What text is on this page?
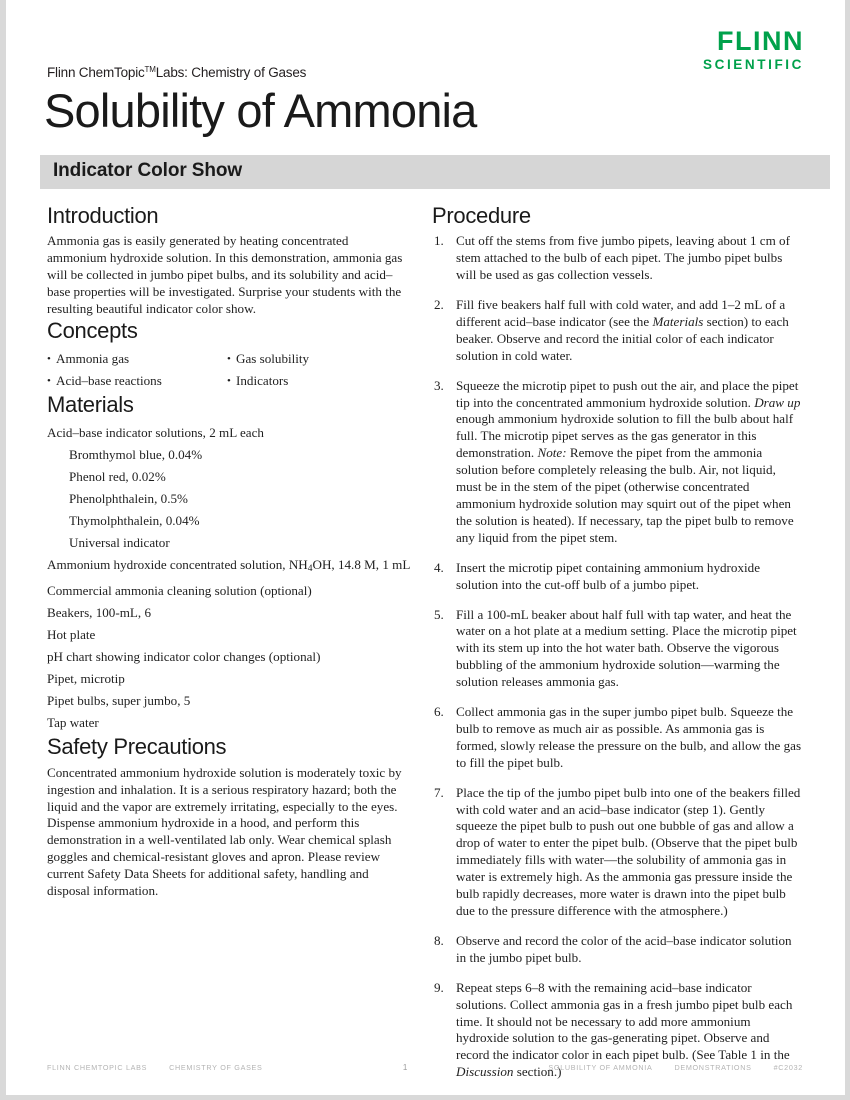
FLINN
SCIENTIFIC
Flinn ChemTopic™Labs: Chemistry of Gases
Solubility of Ammonia
Indicator Color Show
Introduction

Ammonia gas is easily generated by heating concentrated ammonium hydroxide solution. In this demonstration, ammonia gas will be collected in jumbo pipet bulbs, and its solubility and acid–base properties will be investigated. Surprise your students with the resulting beautiful indicator color show.

Concepts
• Ammonia gas
• Acid–base reactions
• Gas solubility
• Indicators
Materials
Acid–base indicator solutions, 2 mL each
Bromthymol blue, 0.04%
Phenol red, 0.02%
Phenolphthalein, 0.5%
Thymolphthalein, 0.04%
Universal indicator
Ammonium hydroxide concentrated solution, $NH_4OH$, 14.8 M, 1 mL
Commercial ammonia cleaning solution (optional)
Beakers, 100-mL, 6
Hot plate
pH chart showing indicator color changes (optional)
Pipet, microtip
Pipet bulbs, super jumbo, 5
Tap water
Safety Precautions

Concentrated ammonium hydroxide solution is moderately toxic by ingestion and inhalation. It is a serious respiratory hazard; both the liquid and the vapor are extremely irritating, especially to the eyes. Dispense ammonium hydroxide in a hood, and perform this demonstration in a well-ventilated lab only. Wear chemical splash goggles and chemical-resistant gloves and apron. Please review current Safety Data Sheets for additional safety, handling and disposal information.

Procedure
Cut off the stems from five jumbo pipets, leaving about 1 cm of stem attached to the bulb of each pipet. The jumbo pipet bulbs will be used as gas collection vessels.
Fill five beakers half full with cold water, and add 1–2 mL of a different acid–base indicator (see the Materials section) to each beaker. Observe and record the initial color of each indicator solution in cold water.
Squeeze the microtip pipet to push out the air, and place the pipet tip into the concentrated ammonium hydroxide solution. Draw up enough ammonium hydroxide solution to fill the bulb about half full. The microtip pipet serves as the gas generator in this demonstration. Note: Remove the pipet from the ammonia solution before completely releasing the bulb. Air, not liquid, must be in the stem of the pipet (otherwise concentrated ammonium hydroxide solution may squirt out of the pipet when the solution is heated). If necessary, tap the pipet bulb to remove any liquid from the pipet stem.
Insert the microtip pipet containing ammonium hydroxide solution into the cut-off bulb of a jumbo pipet.
Fill a 100-mL beaker about half full with tap water, and heat the water on a hot plate at a medium setting. Place the microtip pipet with its stem up into the hot water bath. Observe the vigorous bubbling of the ammonium hydroxide solution—warming the solution releases ammonia gas.
Collect ammonia gas in the super jumbo pipet bulb. Squeeze the bulb to remove as much air as possible. As ammonia gas is formed, slowly release the pressure on the bulb, and allow the gas to fill the pipet bulb.
Place the tip of the jumbo pipet bulb into one of the beakers filled with cold water and an acid–base indicator (step 1). Gently squeeze the pipet bulb to push out one bubble of gas and allow a drop of water to enter the pipet bulb. (Observe that the pipet bulb immediately fills with water—the solubility of ammonia gas in water is extremely high. As the ammonia gas pressure inside the bulb rapidly decreases, more water is drawn into the pipet bulb due to the pressure difference with the atmosphere.)
Observe and record the color of the acid–base indicator solution in the jumbo pipet bulb.
Repeat steps 6–8 with the remaining acid–base indicator solutions. Collect ammonia gas in a fresh jumbo pipet bulb each time. It should not be necessary to add more ammonium hydroxide solution to the gas-generating pipet. Observe and record the indicator color in each pipet bulb. (See Table 1 in the Discussion section.)
FLINN CHEMTOPIC LABS	CHEMISTRY OF GASES	1	SOLUBILITY OF AMMONIA	DEMONSTRATIONS	#C2032
